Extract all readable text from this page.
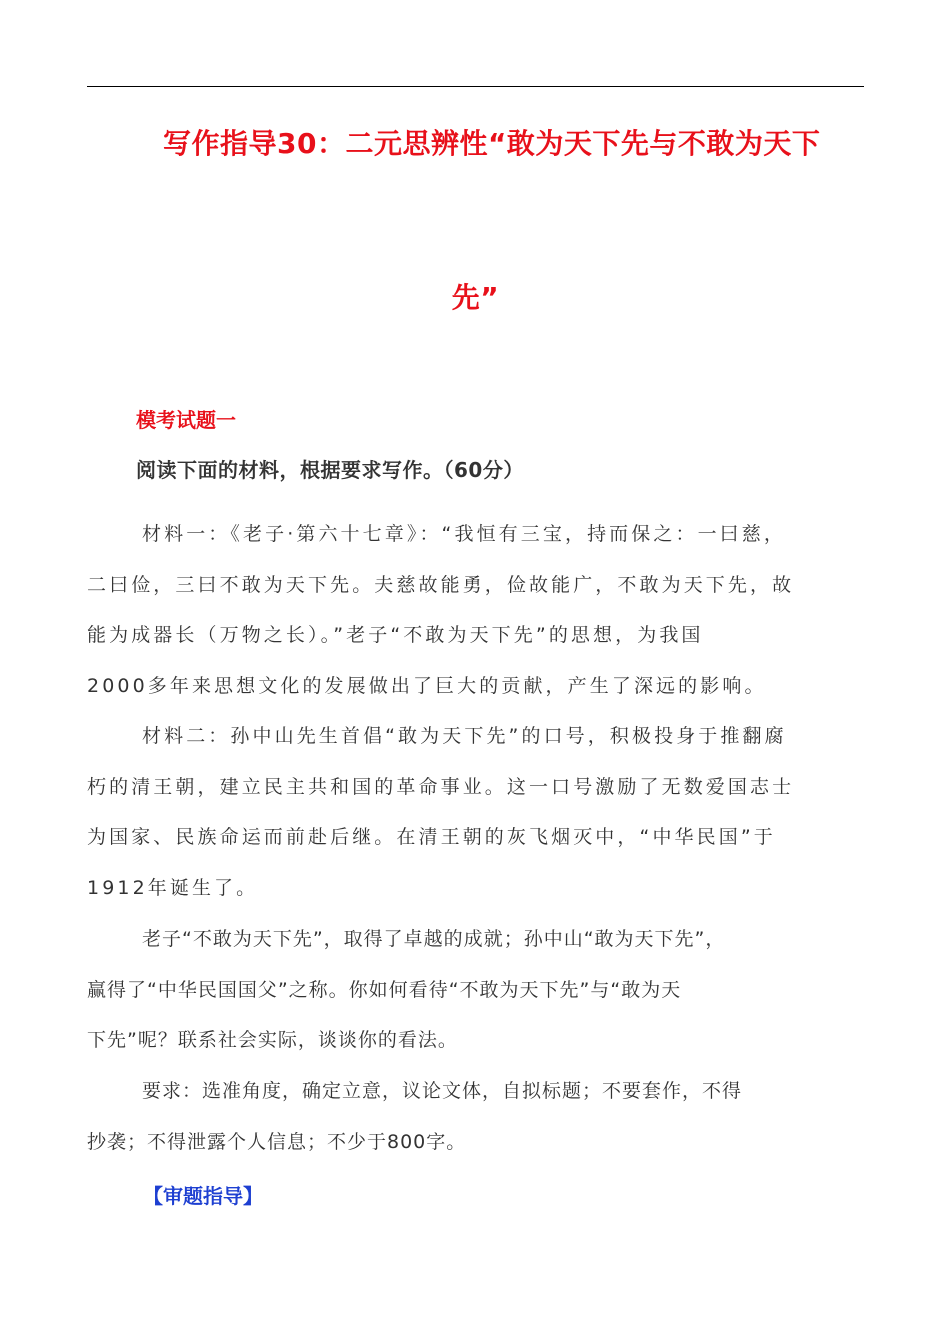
写作指导30：二元思辨性“敢为天下先与不敢为天下
先”
模考试题一
阅读下面的材料，根据要求写作。（60分）
材料一：《老子·第六十七章》：“我恒有三宝，持而保之：一曰慈，
二曰俭，三曰不敢为天下先。夫慈故能勇，俭故能广，不敢为天下先，故
能为成器长（万物之长）。”老子“不敢为天下先”的思想，为我国
2000多年来思想文化的发展做出了巨大的贡献，产生了深远的影响。
材料二：孙中山先生首倡“敢为天下先”的口号，积极投身于推翻腐
朽的清王朝，建立民主共和国的革命事业。这一口号激励了无数爱国志士
为国家、民族命运而前赴后继。在清王朝的灰飞烟灭中，“中华民国”于
1912年诞生了。
老子“不敢为天下先”，取得了卓越的成就；孙中山“敢为天下先”，
赢得了“中华民国国父”之称。你如何看待“不敢为天下先”与“敢为天
下先”呢？联系社会实际，谈谈你的看法。
要求：选准角度，确定立意，议论文体，自拟标题；不要套作，不得
抄袭；不得泄露个人信息；不少于800字。
【审题指导】
